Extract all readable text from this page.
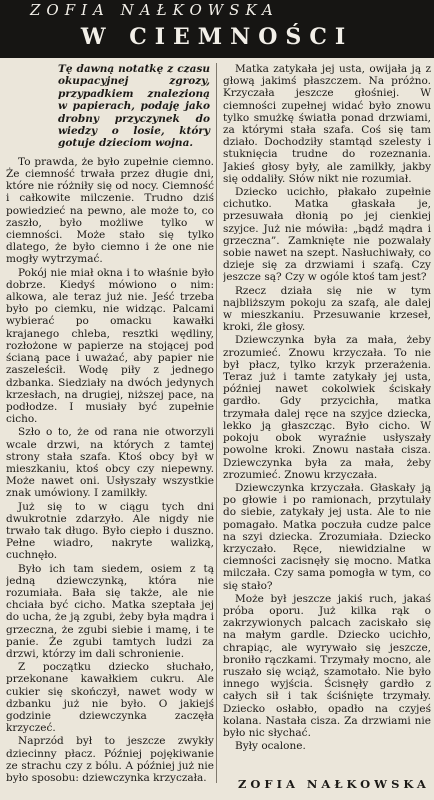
ZOFIA NAŁKOWSKA
W CIEMNOŚCI
Tę dawną notatkę z czasu okupacyjnej zgrozy, przypadkiem znalezioną w papierach, podaję jako drobny przyczynek do wiedzy o losie, który gotuje dzieciom wojna.

To prawda, że było zupełnie ciemno. Że ciemność trwała przez długie dni, które nie różniły się od nocy. Ciemność i całkowite milczenie. Trudno dziś powiedzieć na pewno, ale może to, co zaszło, było możliwe tylko w ciemności. Może stało się tylko dlatego, że było ciemno i że one nie mogły wytrzymać.

Pokój nie miał okna i to właśnie było dobrze. Kiedyś mówiono o nim: alkowa, ale teraz już nie. Jeść trzeba było po ciemku, nie widząc. Palcami wybierać po omacku kawałki krajanego chleba, resztki wędliny, rozłożone w papierze na stojącej pod ścianą pace i uważać, aby papier nie zaszeleścił. Wodę piły z jednego dzbanka. Siedziały na dwóch jedynych krzesłach, na drugiej, niższej pace, na podłodze. I musiały być zupełnie cicho.

Szło o to, że od rana nie otworzyli wcale drzwi, na których z tamtej strony stała szafa. Ktoś obcy był w mieszkaniu, ktoś obcy czy niepewny. Może nawet oni. Usłyszały wszystkie znak umówiony. I zamilkły.

Już się to w ciągu tych dni dwukrotnie zdarzyło. Ale nigdy nie trwało tak długo. Było ciepło i duszno. Pełne wiadro, nakryte walizką, cuchnęło.

Było ich tam siedem, osiem z tą jedną dziewczynką, która nie rozumiała. Bała się także, ale nie chciała być cicho. Matka szeptała jej do ucha, że ją zgubi, żeby była mądra i grzeczna, że zgubi siebie i mamę, i te panie. Że zgubi tamtych ludzi za drzwi, którzy im dali schronienie.

Z początku dziecko słuchało, przekonane kawałkiem cukru. Ale cukier się skończył, nawet wody w dzbanku już nie było. O jakiejś godzinie dziewczynka zaczęła krzyczeć.

Naprzód był to jeszcze zwykły dziecinny płacz. Później pojękiwanie ze strachu czy z bólu. A później już nie było sposobu: dziewczynka krzyczała.

Matka zatykała jej usta, owijała ją z głową jakimś płaszczem. Na próżno. Krzyczała jeszcze głośniej. W ciemności zupełnej widać było znowu tylko smużkę światła ponad drzwiami, za którymi stała szafa. Coś się tam działo. Dochodziły stamtąd szelesty i stuknięcia trudne do rozeznania. Jakieś głosy były, ale zamilkły, jakby się oddaliły. Słów nikt nie rozumiał.

Dziecko ucichło, płakało zupełnie cichutko. Matka głaskała je, przesuwała dłonią po jej cienkiej szyjce. Już nie mówiła: „bądź mądra i grzeczna”. Zamknięte nie pozwalały sobie nawet na szept. Nasłuchiwały, co dzieje się za drzwiami i szafą. Czy jeszcze są? Czy w ogóle ktoś tam jest?

Rzecz działa się nie w tym najbliższym pokoju za szafą, ale dalej w mieszkaniu. Przesuwanie krzeseł, kroki, źle głosy.

Dziewczynka była za mała, żeby zrozumieć. Znowu krzyczała. To nie był płacz, tylko krzyk przerażenia. Teraz już i tamte zatykały jej usta, później nawet cokolwiek ściskały gardło. Gdy przycichła, matka trzymała dalej ręce na szyjce dziecka, lekko ją głaszcząc. Było cicho. W pokoju obok wyraźnie usłyszały powolne kroki. Znowu nastała cisza. Dziewczynka była za mała, żeby zrozumieć. Znowu krzyczała.

Dziewczynka krzyczała. Głaskały ją po głowie i po ramionach, przytulały do siebie, zatykały jej usta. Ale to nie pomagało. Matka poczuła cudze palce na szyi dziecka. Zrozumiała. Dziecko krzyczało. Ręce, niewidzialne w ciemności zacisnęły się mocno. Matka milczała. Czy sama pomogła w tym, co się stało?

Może był jeszcze jakiś ruch, jakaś próba oporu. Już kilka rąk o zakrzywionych palcach zaciskało się na małym gardle. Dziecko ucichło, chrapiąc, ale wyrywało się jeszcze, broniło rączkami. Trzymały mocno, ale ruszało się wciąż, szamotało. Nie było innego wyjścia. Ścisnęły gardło z całych sił i tak ściśnięte trzymały. Dziecko osłabło, opadło na czyjeś kolana. Nastała cisza. Za drzwiami nie było nic słychać.

Były ocalone.

ZOFIA NAŁKOWSKA
